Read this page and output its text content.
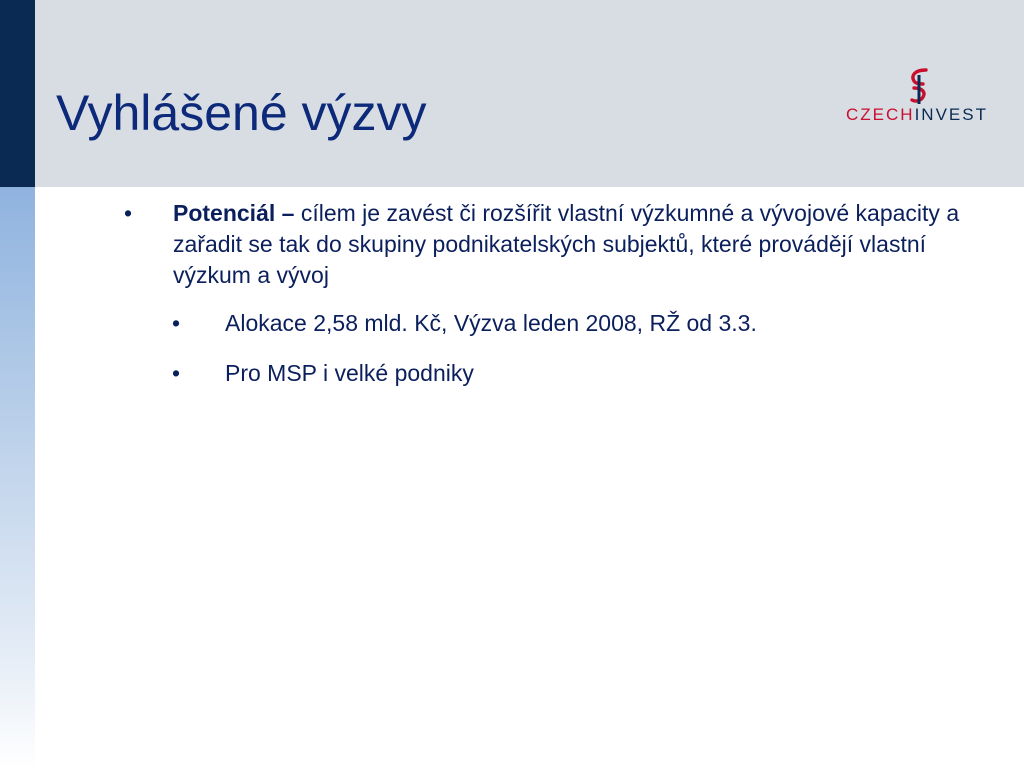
Vyhlášené výzvy	CZECHINVEST
• Potenciál – cílem je zavést či rozšířit vlastní výzkumné a vývojové kapacity a zařadit se tak do skupiny podnikatelských subjektů, které provádějí vlastní výzkum a vývoj
• Alokace 2,58 mld. Kč, Výzva leden 2008, RŽ od 3.3.
• Pro MSP i velké podniky
